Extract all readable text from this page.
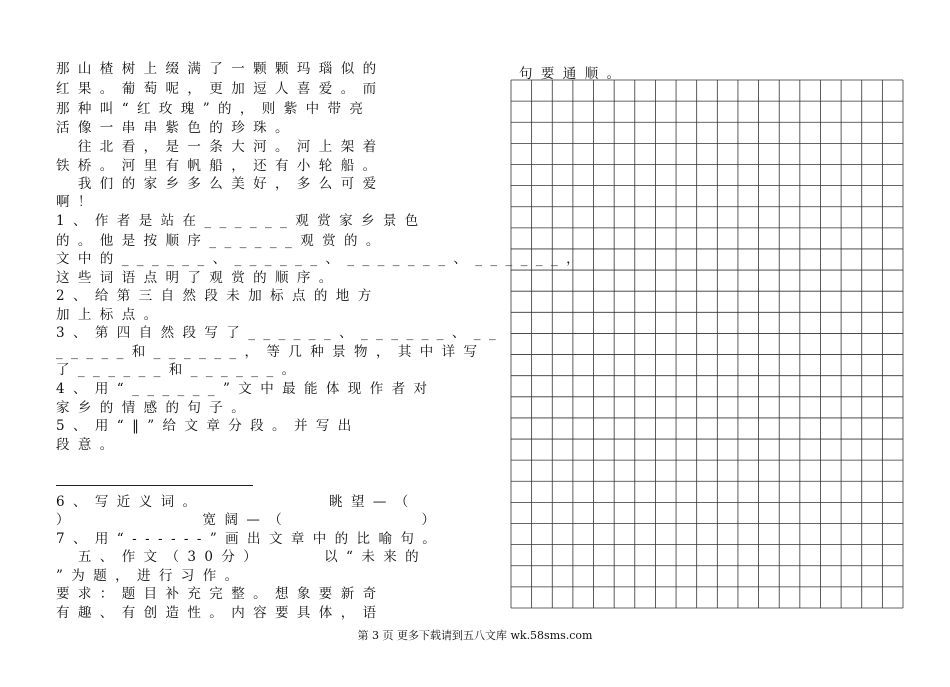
那山楂树上缀满了一颗颗玛瑙似的
红果。葡萄呢，更加逗人喜爱。而
那种叫“红玫瑰”的，则紫中带亮
活像一串串紫色的珍珠。
　往北看，是一条大河。河上架着
铁桥。河里有帆船，还有小轮船。
　我们的家乡多么美好，多么可爱
啊！
1、作者是站在______观赏家乡景色
的。他是按顺序______观赏的。
文中的______、______、_______、______，
这些词语点明了观赏的顺序。
2、给第三自然段未加标点的地方
加上标点。
3、第四自然段写了______、______、__
_____和______，等几种景物，其中详写
了______和______。
4、用“______”文中最能体现作者对
家乡的情感的句子。
5、用“‖”给文章分段。并写出
段意。
6、写近义词。　　　　　　眺望—（
）　　　　　　宽阔—（　　　　　　）
7、用“------”画出文章中的比喻句。
　五、作文（30分）　　　以“未来的
”为题，进行习作。
要求：题目补充完整。想象要新奇
有趣、有创造性。内容要具体，语
句要通顺。
第 3 页 更多下载请到五八文库 wk.58sms.com
